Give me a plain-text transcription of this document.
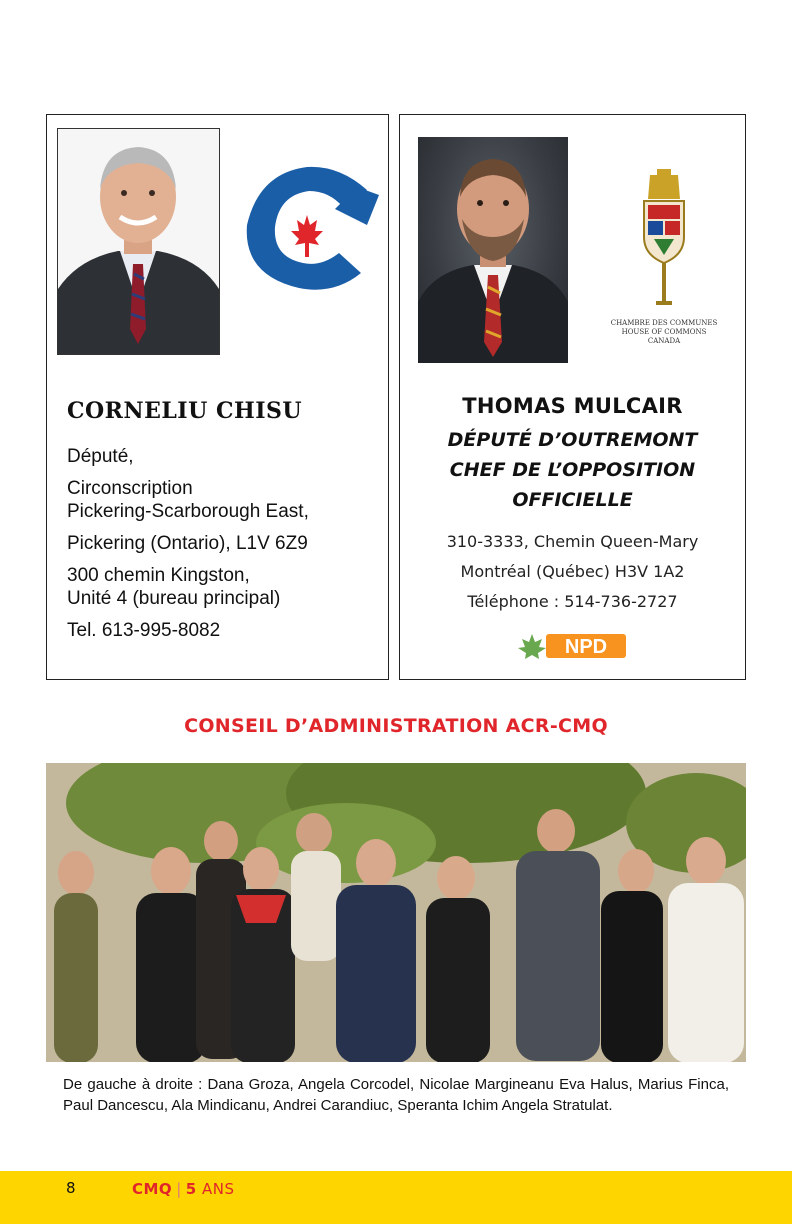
CORNELIU CHISU

Député,

Circonscription
Pickering-Scarborough East,

Pickering (Ontario), L1V 6Z9

300 chemin Kingston,
Unité 4 (bureau principal)

Tel. 613-995-8082

CHAMBRE DES COMMUNES
HOUSE OF COMMONS
CANADA
THOMAS MULCAIR
DÉPUTÉ D’OUTREMONT
CHEF DE L’OPPOSITION
OFFICIELLE
310-3333, Chemin Queen-Mary
Montréal (Québec) H3V 1A2
Téléphone : 514-736-2727
NPD
CONSEIL D’ADMINISTRATION ACR-CMQ

De gauche à droite : Dana Groza, Angela Corcodel, Nicolae Margineanu Eva Halus, Marius Finca, Paul Dancescu, Ala Mindicanu, Andrei Carandiuc, Speranta Ichim Angela Stratulat.

8	CMQ | 5 ANS
